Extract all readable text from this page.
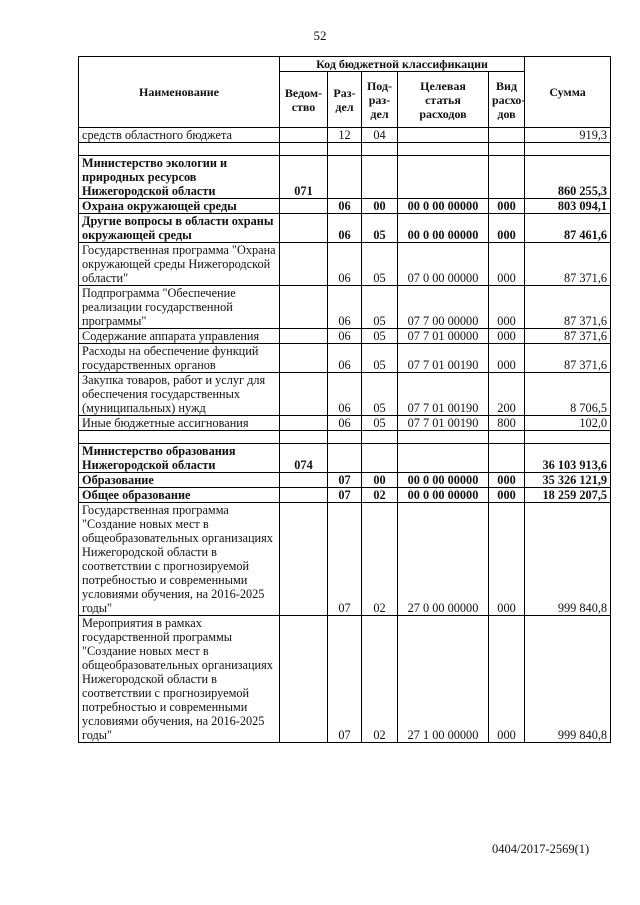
52
Наименование	Код бюджетной классификации					Сумма
	Ведом-ство	Раз-дел	Под-раз-дел	Целевая статья расходов	Вид расхо-дов	
средств областного бюджета		12	04			919,3

Министерство экологии и природных ресурсов Нижегородской области	071					860 255,3
Охрана окружающей среды		06	00	00 0 00 00000	000	803 094,1
Другие вопросы в области охраны окружающей среды		06	05	00 0 00 00000	000	87 461,6
Государственная программа "Охрана окружающей среды Нижегородской области"		06	05	07 0 00 00000	000	87 371,6
Подпрограмма "Обеспечение реализации государственной программы"		06	05	07 7 00 00000	000	87 371,6
Содержание аппарата управления		06	05	07 7 01 00000	000	87 371,6
Расходы на обеспечение функций государственных органов		06	05	07 7 01 00190	000	87 371,6
Закупка товаров, работ и услуг для обеспечения государственных (муниципальных) нужд		06	05	07 7 01 00190	200	8 706,5
Иные бюджетные ассигнования		06	05	07 7 01 00190	800	102,0

Министерство образования Нижегородской области	074					36 103 913,6
Образование		07	00	00 0 00 00000	000	35 326 121,9
Общее образование		07	02	00 0 00 00000	000	18 259 207,5
Государственная программа "Создание новых мест в общеобразовательных организациях Нижегородской области в соответствии с прогнозируемой потребностью и современными условиями обучения, на 2016-2025 годы"		07	02	27 0 00 00000	000	999 840,8
Мероприятия в рамках государственной программы "Создание новых мест в общеобразовательных организациях Нижегородской области в соответствии с прогнозируемой потребностью и современными условиями обучения, на 2016-2025 годы"		07	02	27 1 00 00000	000	999 840,8
0404/2017-2569(1)
